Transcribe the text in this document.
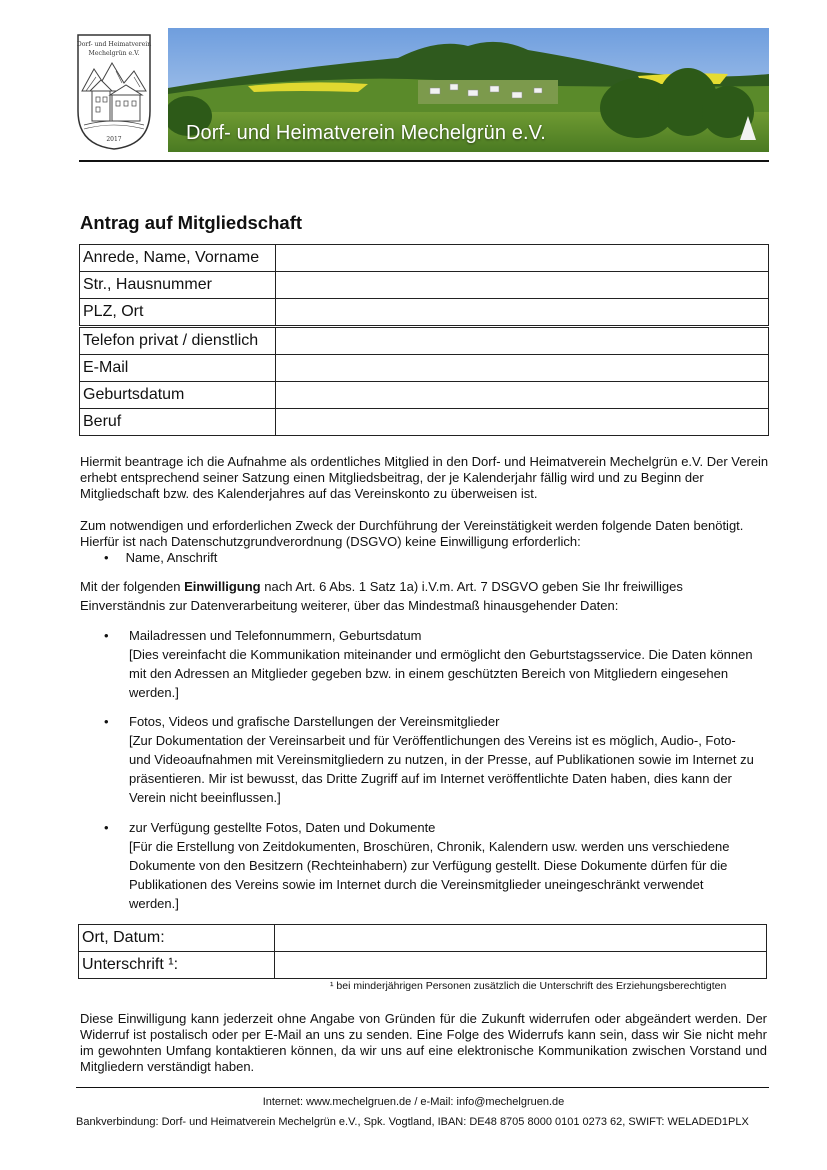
Dorf- und Heimatverein
Mechelgrün e.V.
2017	Dorf- und Heimatverein Mechelgrün e.V.
Antrag auf Mitgliedschaft
Anrede, Name, Vorname	
Str., Hausnummer	
PLZ, Ort	
Telefon privat / dienstlich	
E-Mail	
Geburtsdatum	
Beruf	
Hiermit beantrage ich die Aufnahme als ordentliches Mitglied in den Dorf- und Heimatverein Mechelgrün e.V. Der Verein erhebt entsprechend seiner Satzung einen Mitgliedsbeitrag, der je Kalenderjahr fällig wird und zu Beginn der Mitgliedschaft bzw. des Kalenderjahres auf das Vereinskonto zu überweisen ist.
Zum notwendigen und erforderlichen Zweck der Durchführung der Vereinstätigkeit werden folgende Daten benötigt. Hierfür ist nach Datenschutzgrundverordnung (DSGVO) keine Einwilligung erforderlich:
• Name, Anschrift
Mit der folgenden Einwilligung nach Art. 6 Abs. 1 Satz 1a) i.V.m. Art. 7 DSGVO geben Sie Ihr freiwilliges Einverständnis zur Datenverarbeitung weiterer, über das Mindestmaß hinausgehender Daten:
• Mailadressen und Telefonnummern, Geburtsdatum
[Dies vereinfacht die Kommunikation miteinander und ermöglicht den Geburtstagsservice. Die Daten können mit den Adressen an Mitglieder gegeben bzw. in einem geschützten Bereich von Mitgliedern eingesehen werden.]
• Fotos, Videos und grafische Darstellungen der Vereinsmitglieder
[Zur Dokumentation der Vereinsarbeit und für Veröffentlichungen des Vereins ist es möglich, Audio-, Foto- und Videoaufnahmen mit Vereinsmitgliedern zu nutzen, in der Presse, auf Publikationen sowie im Internet zu präsentieren. Mir ist bewusst, das Dritte Zugriff auf im Internet veröffentlichte Daten haben, dies kann der Verein nicht beeinflussen.]
• zur Verfügung gestellte Fotos, Daten und Dokumente
[Für die Erstellung von Zeitdokumenten, Broschüren, Chronik, Kalendern usw. werden uns verschiedene Dokumente von den Besitzern (Rechteinhabern) zur Verfügung gestellt. Diese Dokumente dürfen für die Publikationen des Vereins sowie im Internet durch die Vereinsmitglieder uneingeschränkt verwendet werden.]
Ort, Datum:	
Unterschrift ¹:	
¹ bei minderjährigen Personen zusätzlich die Unterschrift des Erziehungsberechtigten
Diese Einwilligung kann jederzeit ohne Angabe von Gründen für die Zukunft widerrufen oder abgeändert werden. Der Widerruf ist postalisch oder per E-Mail an uns zu senden. Eine Folge des Widerrufs kann sein, dass wir Sie nicht mehr im gewohnten Umfang kontaktieren können, da wir uns auf eine elektronische Kommunikation zwischen Vorstand und Mitgliedern verständigt haben.
Internet: www.mechelgruen.de / e-Mail: info@mechelgruen.de
Bankverbindung: Dorf- und Heimatverein Mechelgrün e.V., Spk. Vogtland, IBAN: DE48 8705 8000 0101 0273 62, SWIFT: WELADED1PLX
